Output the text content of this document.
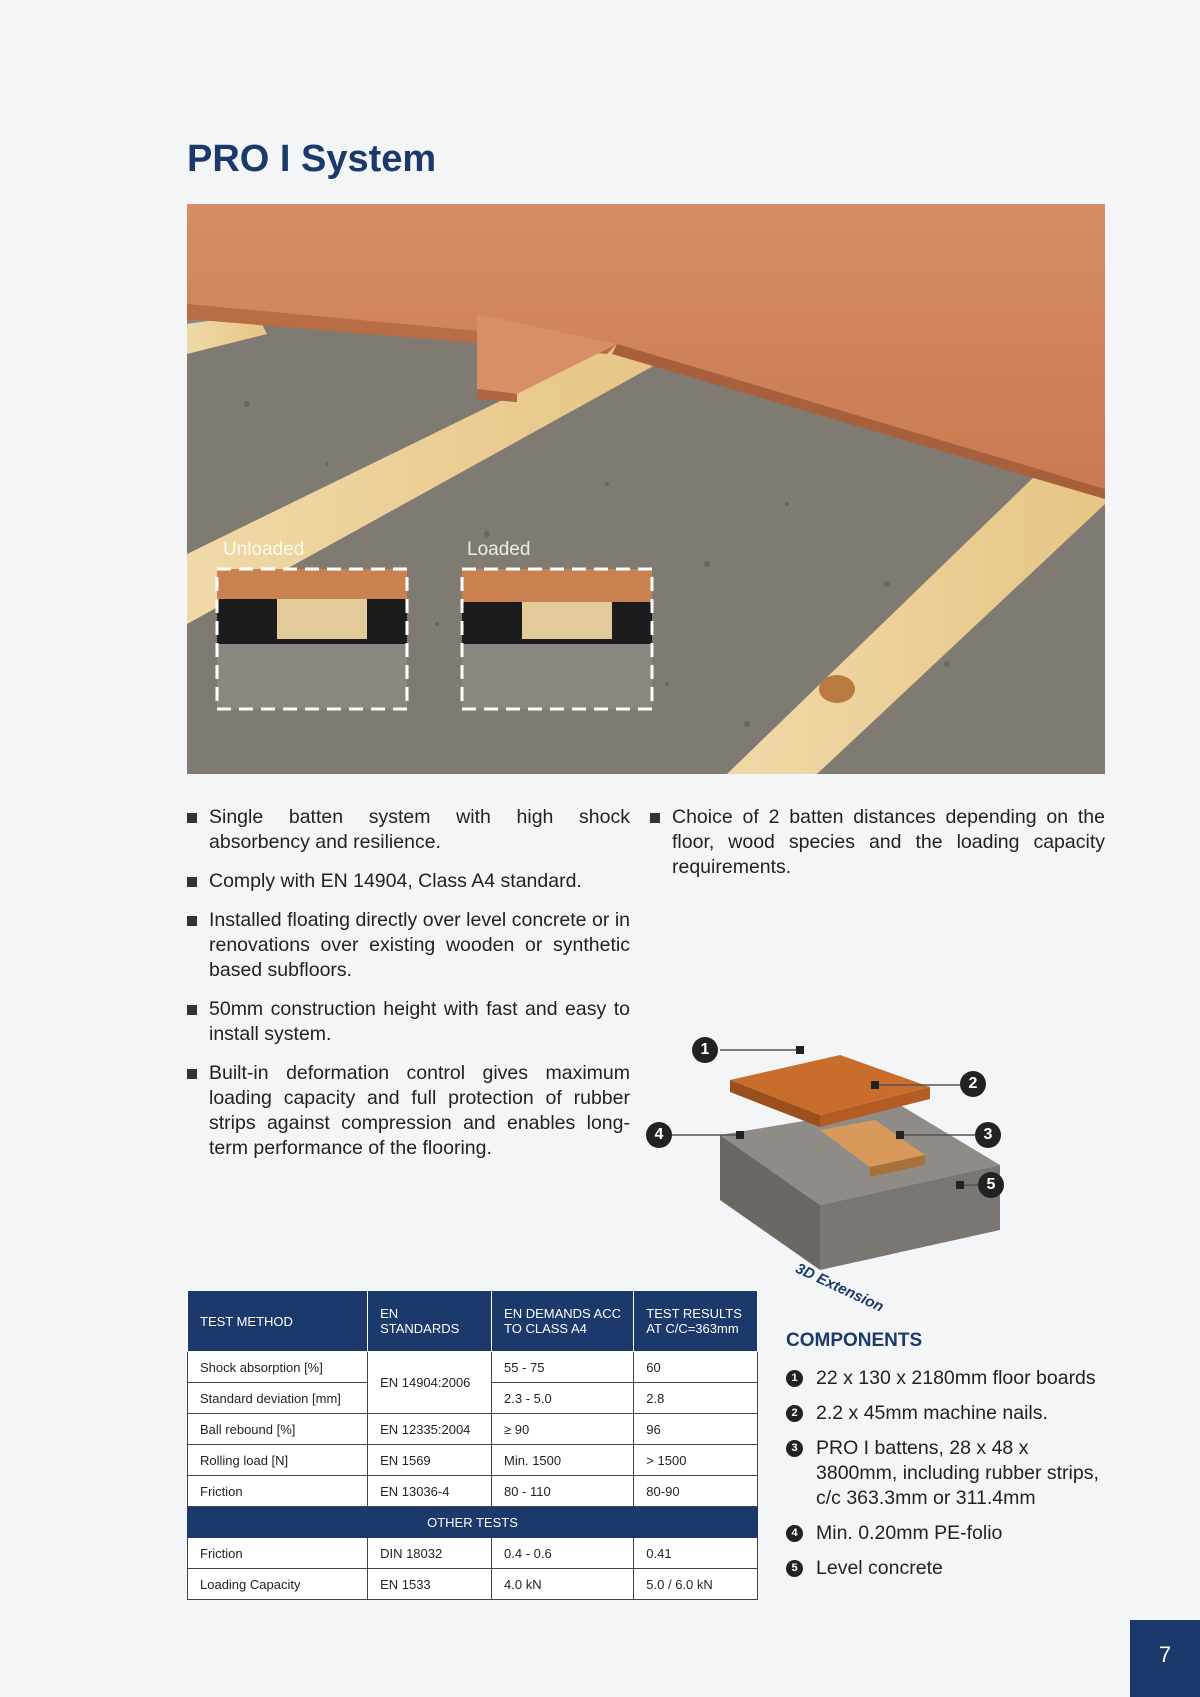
PRO I System
Unloaded	Loaded
Single batten system with high shock absorbency and resilience.
Comply with EN 14904, Class A4 standard.
Installed floating directly over level concrete or in renovations over existing wooden or synthetic based subfloors.
50mm construction height with fast and easy to install system.
Built-in deformation control gives maximum loading capacity and full protection of rubber strips against compression and enables long-term performance of the flooring.
Choice of 2 batten distances depending on the floor, wood species and the loading capacity requirements.
1
2
3
4
5
3D Extension
TEST METHOD	EN STANDARDS	EN DEMANDS ACC TO CLASS A4	TEST RESULTS AT C/C=363mm
Shock absorption [%]	EN 14904:2006	55 - 75	60
Standard deviation [mm]		2.3 - 5.0	2.8
Ball rebound [%]	EN 12335:2004	≥ 90	96
Rolling load [N]	EN 1569	Min. 1500	> 1500
Friction	EN 13036-4	80 - 110	80-90
OTHER TESTS			
Friction	DIN 18032	0.4 - 0.6	0.41
Loading Capacity	EN 1533	4.0 kN	5.0 / 6.0 kN
COMPONENTS
1 22 x 130 x 2180mm floor boards
2 2.2 x 45mm machine nails.
3 PRO I battens, 28 x 48 x 3800mm, including rubber strips, c/c 363.3mm or 311.4mm
4 Min. 0.20mm PE-folio
5 Level concrete
7
